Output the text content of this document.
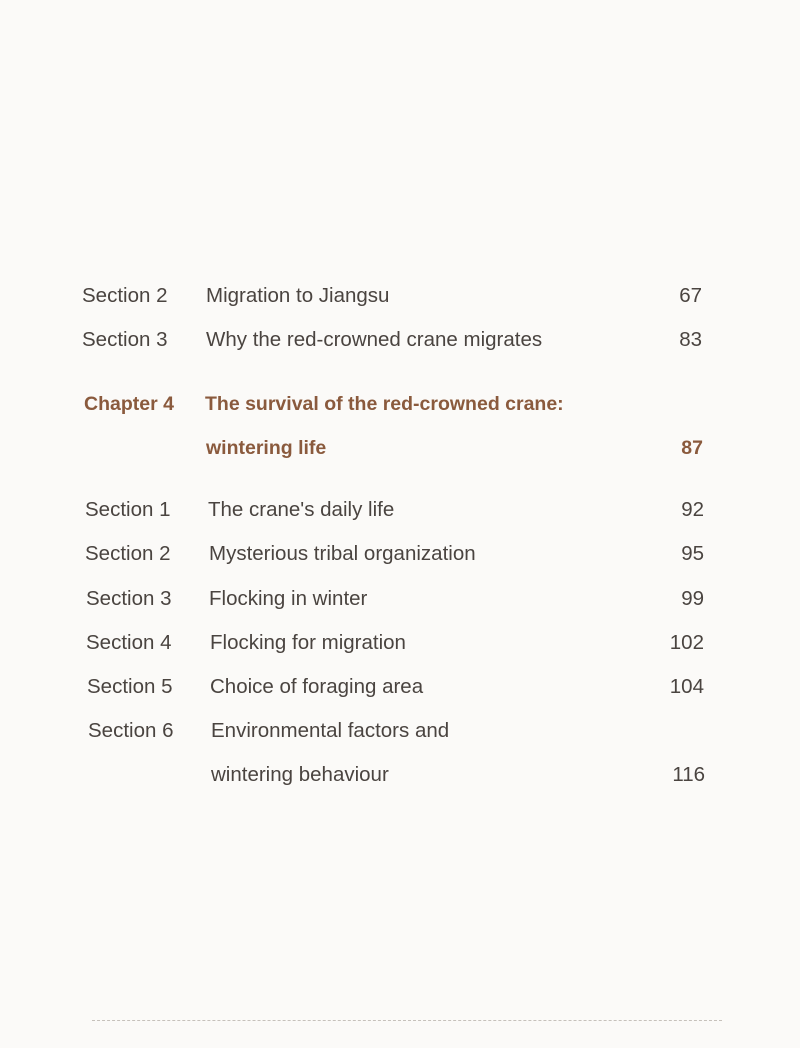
Section 2 Migration to Jiangsu	67
Section 3 Why the red-crowned crane migrates	83
Chapter 4 The survival of the red-crowned crane:
wintering life	87
Section 1 The crane's daily life	92
Section 2 Mysterious tribal organization	95
Section 3 Flocking in winter	99
Section 4 Flocking for migration	102
Section 5 Choice of foraging area	104
Section 6 Environmental factors and
wintering behaviour	116
